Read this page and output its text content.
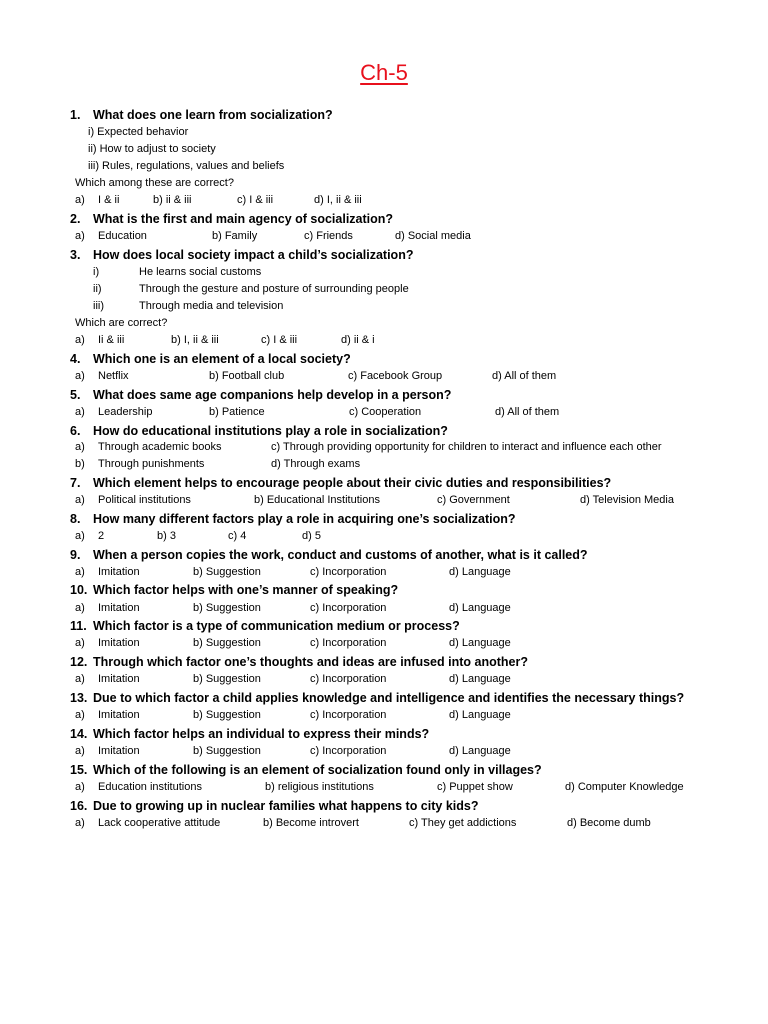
Ch-5
1. What does one learn from socialization?
i) Expected behavior
ii) How to adjust to society
iii) Rules, regulations, values and beliefs
Which among these are correct?
a) I & ii	b) ii & iii	c) I & iii	d) I, ii & iii
2. What is the first and main agency of socialization?
a) Education	b) Family	c) Friends	d) Social media
3. How does local society impact a child’s socialization?
i)	He learns social customs
ii)	Through the gesture and posture of surrounding people
iii)	Through media and television
Which are correct?
a) Ii & iii	b) I, ii & iii	c) I & iii	d) ii & i
4. Which one is an element of a local society?
a) Netflix	b) Football club	c) Facebook Group	d) All of them
5. What does same age companions help develop in a person?
a) Leadership	b) Patience	c) Cooperation	d) All of them
6. How do educational institutions play a role in socialization?
a) Through academic books	c) Through providing opportunity for children to interact and influence each other
b) Through punishments	d) Through exams
7. Which element helps to encourage people about their civic duties and responsibilities?
a) Political institutions	b) Educational Institutions	c) Government	d) Television Media
8. How many different factors play a role in acquiring one’s socialization?
a) 2	b) 3	c) 4	d) 5
9. When a person copies the work, conduct and customs of another, what is it called?
a) Imitation	b) Suggestion	c) Incorporation	d) Language
10. Which factor helps with one’s manner of speaking?
a) Imitation	b) Suggestion	c) Incorporation	d) Language
11. Which factor is a type of communication medium or process?
a) Imitation	b) Suggestion	c) Incorporation	d) Language
12. Through which factor one’s thoughts and ideas are infused into another?
a) Imitation	b) Suggestion	c) Incorporation	d) Language
13. Due to which factor a child applies knowledge and intelligence and identifies the necessary things?
a) Imitation	b) Suggestion	c) Incorporation	d) Language
14. Which factor helps an individual to express their minds?
a) Imitation	b) Suggestion	c) Incorporation	d) Language
15. Which of the following is an element of socialization found only in villages?
a) Education institutions	b) religious institutions	c) Puppet show	d) Computer Knowledge
16. Due to growing up in nuclear families what happens to city kids?
a) Lack cooperative attitude	b) Become introvert	c) They get addictions	d) Become dumb
